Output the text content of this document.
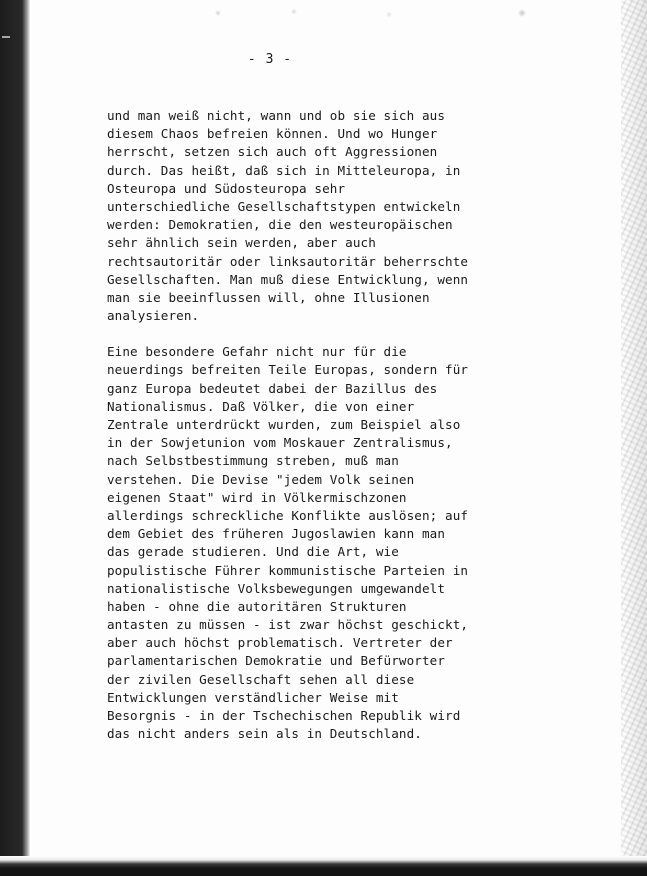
- 3 -
und man weiß nicht, wann und ob sie sich aus
diesem Chaos befreien können. Und wo Hunger
herrscht, setzen sich auch oft Aggressionen
durch. Das heißt, daß sich in Mitteleuropa, in
Osteuropa und Südosteuropa sehr
unterschiedliche Gesellschaftstypen entwickeln
werden: Demokratien, die den westeuropäischen
sehr ähnlich sein werden, aber auch
rechtsautoritär oder linksautoritär beherrschte
Gesellschaften. Man muß diese Entwicklung, wenn
man sie beeinflussen will, ohne Illusionen
analysieren.
Eine besondere Gefahr nicht nur für die
neuerdings befreiten Teile Europas, sondern für
ganz Europa bedeutet dabei der Bazillus des
Nationalismus. Daß Völker, die von einer
Zentrale unterdrückt wurden, zum Beispiel also
in der Sowjetunion vom Moskauer Zentralismus,
nach Selbstbestimmung streben, muß man
verstehen. Die Devise "jedem Volk seinen
eigenen Staat" wird in Völkermischzonen
allerdings schreckliche Konflikte auslösen; auf
dem Gebiet des früheren Jugoslawien kann man
das gerade studieren. Und die Art, wie
populistische Führer kommunistische Parteien in
nationalistische Volksbewegungen umgewandelt
haben - ohne die autoritären Strukturen
antasten zu müssen - ist zwar höchst geschickt,
aber auch höchst problematisch. Vertreter der
parlamentarischen Demokratie und Befürworter
der zivilen Gesellschaft sehen all diese
Entwicklungen verständlicher Weise mit
Besorgnis - in der Tschechischen Republik wird
das nicht anders sein als in Deutschland.
